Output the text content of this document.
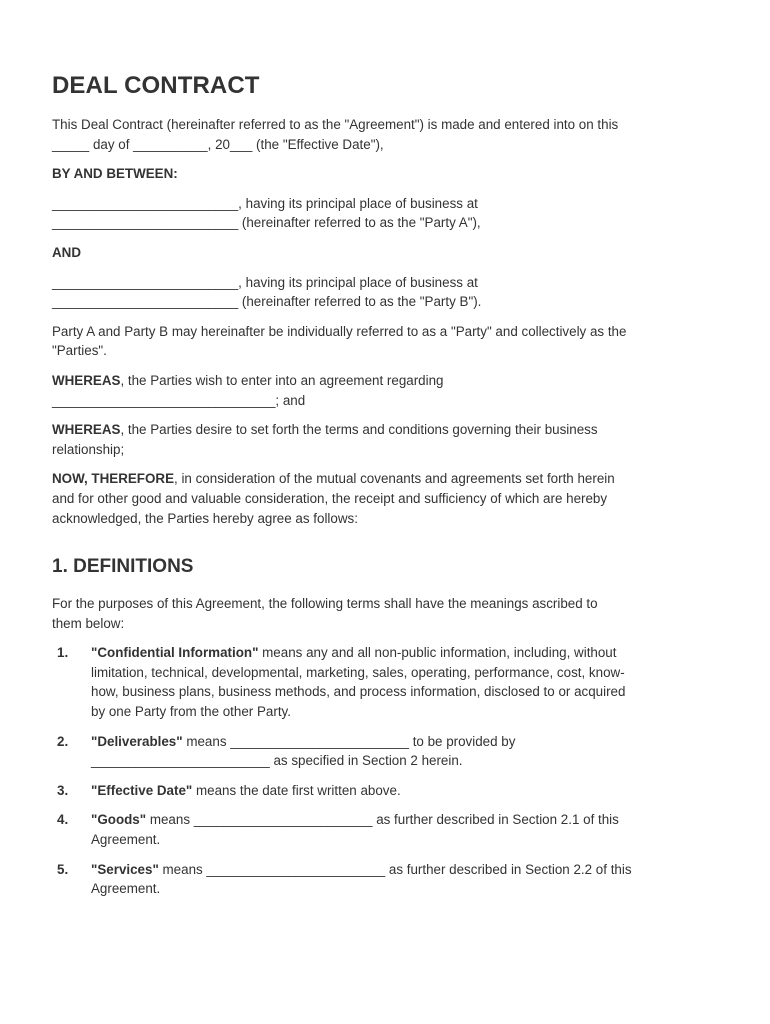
DEAL CONTRACT

This Deal Contract (hereinafter referred to as the "Agreement") is made and entered into on this
_____ day of __________, 20___ (the "Effective Date"),

BY AND BETWEEN:

_________________________, having its principal place of business at
_________________________ (hereinafter referred to as the "Party A"),

AND

_________________________, having its principal place of business at
_________________________ (hereinafter referred to as the "Party B").

Party A and Party B may hereinafter be individually referred to as a "Party" and collectively as the
"Parties".

WHEREAS, the Parties wish to enter into an agreement regarding
______________________________; and

WHEREAS, the Parties desire to set forth the terms and conditions governing their business
relationship;

NOW, THEREFORE, in consideration of the mutual covenants and agreements set forth herein
and for other good and valuable consideration, the receipt and sufficiency of which are hereby
acknowledged, the Parties hereby agree as follows:

1. DEFINITIONS

For the purposes of this Agreement, the following terms shall have the meanings ascribed to
them below:

1. "Confidential Information" means any and all non-public information, including, without
limitation, technical, developmental, marketing, sales, operating, performance, cost, know-
how, business plans, business methods, and process information, disclosed to or acquired
by one Party from the other Party.
2. "Deliverables" means ________________________ to be provided by
________________________ as specified in Section 2 herein.
3. "Effective Date" means the date first written above.
4. "Goods" means ________________________ as further described in Section 2.1 of this
Agreement.
5. "Services" means ________________________ as further described in Section 2.2 of this
Agreement.
